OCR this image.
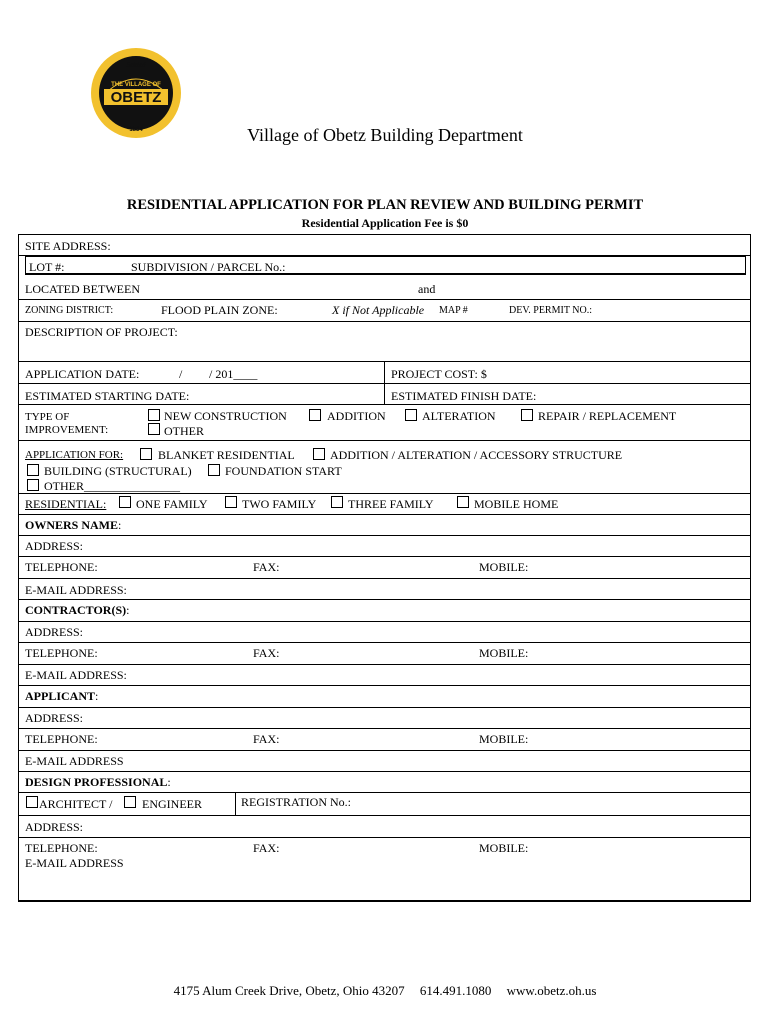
Settled
THE VILLAGE OF
OBETZ
1834	Village of Obetz Building Department
RESIDENTIAL APPLICATION FOR PLAN REVIEW AND BUILDING PERMIT
Residential Application Fee is $0
SITE ADDRESS:
LOT #:	SUBDIVISION / PARCEL No.:
LOCATED BETWEEN	and
ZONING DISTRICT:	FLOOD PLAIN ZONE:	X if Not Applicable MAP #	DEV. PERMIT NO.:
DESCRIPTION OF PROJECT:
APPLICATION DATE:	/ / 201____	PROJECT COST: $
ESTIMATED STARTING DATE:	ESTIMATED FINISH DATE:
TYPE OF
IMPROVEMENT:
NEW CONSTRUCTION	ADDITION	ALTERATION	REPAIR / REPLACEMENT
OTHER
APPLICATION FOR:	BLANKET RESIDENTIAL	ADDITION / ALTERATION / ACCESSORY STRUCTURE
BUILDING (STRUCTURAL)	FOUNDATION START
OTHER________________
RESIDENTIAL: ONE FAMILY	TWO FAMILY	THREE FAMILY	MOBILE HOME
OWNERS NAME:
ADDRESS:
TELEPHONE:	FAX:	MOBILE:
E-MAIL ADDRESS:
CONTRACTOR(S):
ADDRESS:
TELEPHONE:	FAX:	MOBILE:
E-MAIL ADDRESS:
APPLICANT:
ADDRESS:
TELEPHONE:	FAX:	MOBILE:
E-MAIL ADDRESS
DESIGN PROFESSIONAL:
ARCHITECT / ENGINEER	REGISTRATION No.:
ADDRESS:
TELEPHONE:	FAX:	MOBILE:
E-MAIL ADDRESS
4175 Alum Creek Drive, Obetz, Ohio 43207 614.491.1080 www.obetz.oh.us
